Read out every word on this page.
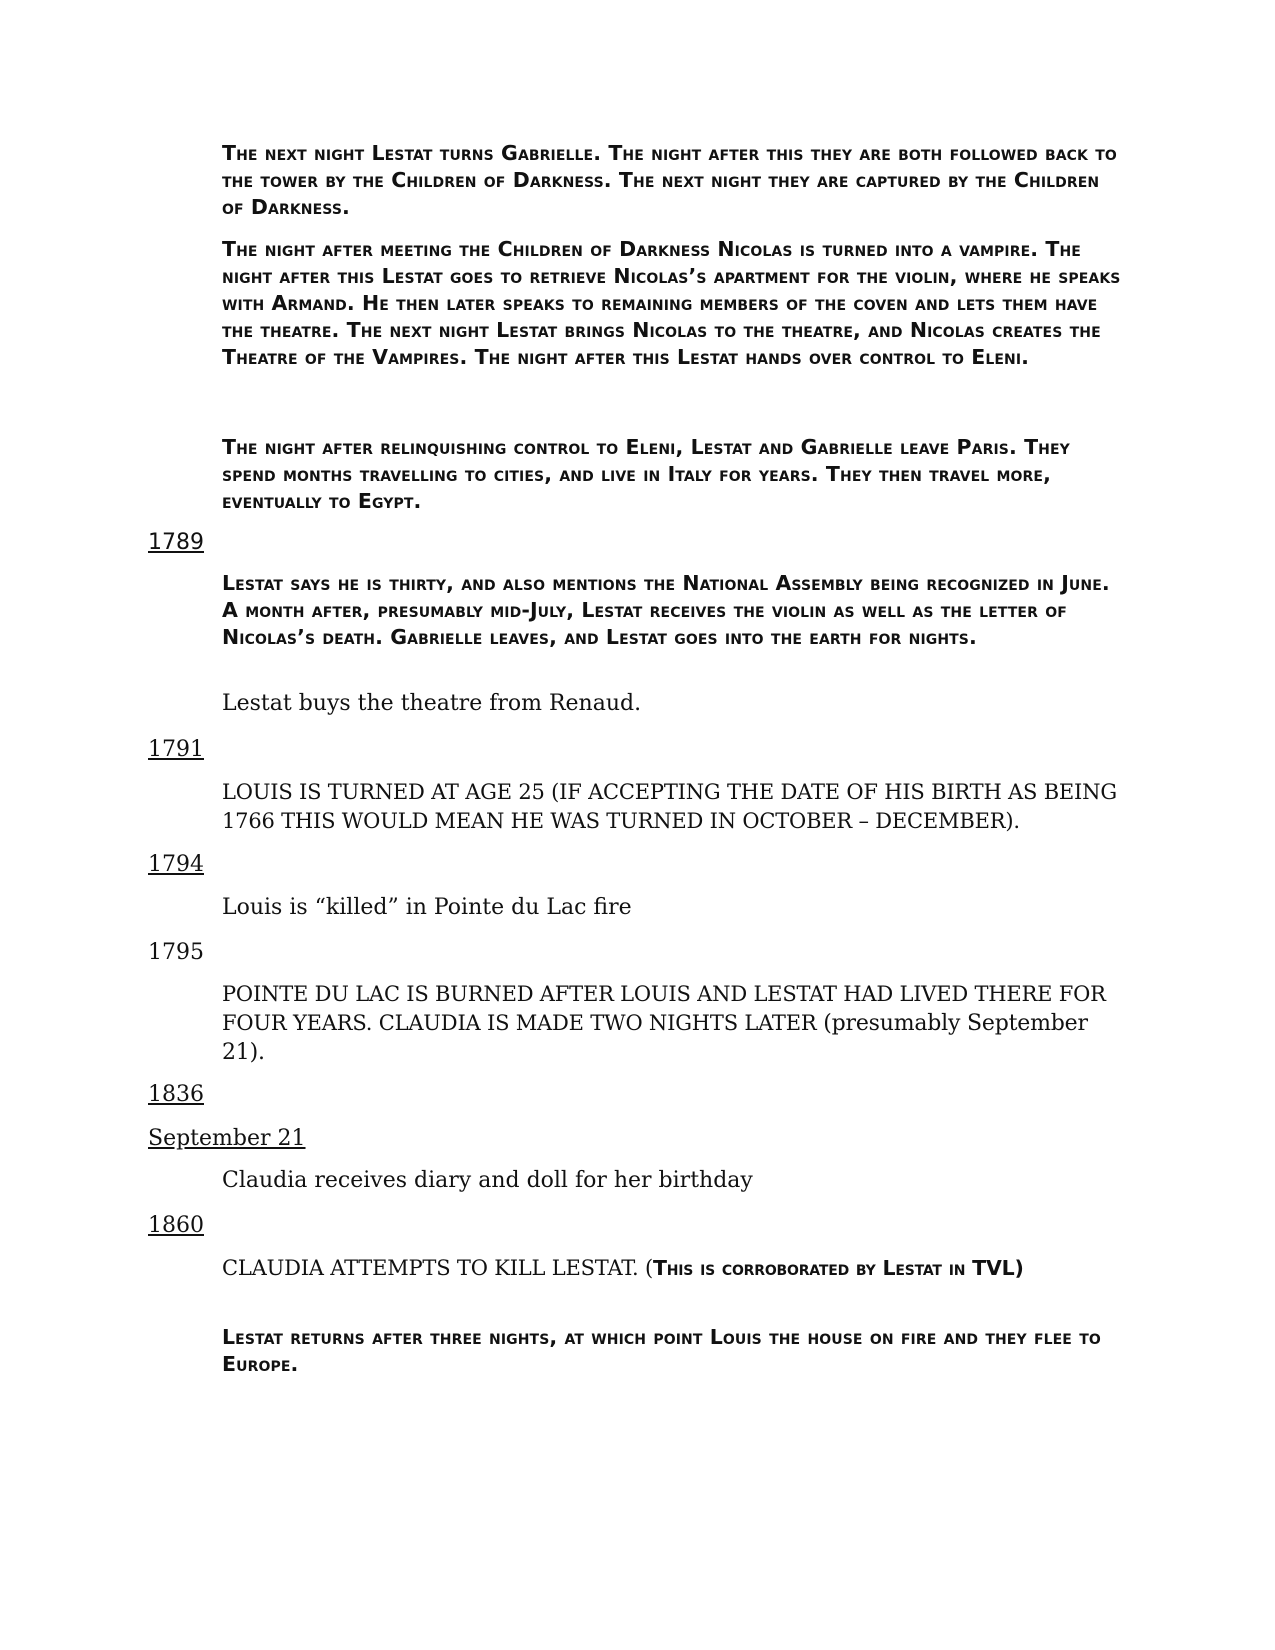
The next night Lestat turns Gabrielle. The night after this they are both followed back to the tower by the Children of Darkness. The next night they are captured by the Children of Darkness.

The night after meeting the Children of Darkness Nicolas is turned into a vampire. The night after this Lestat goes to retrieve Nicolas’s apartment for the violin, where he speaks with Armand. He then later speaks to remaining members of the coven and lets them have the theatre. The next night Lestat brings Nicolas to the theatre, and Nicolas creates the Theatre of the Vampires. The night after this Lestat hands over control to Eleni.

The night after relinquishing control to Eleni, Lestat and Gabrielle leave Paris. They spend months travelling to cities, and live in Italy for years. They then travel more, eventually to Egypt.

1789

Lestat says he is thirty, and also mentions the National Assembly being recognized in June. A month after, presumably mid-July, Lestat receives the violin as well as the letter of Nicolas’s death. Gabrielle leaves, and Lestat goes into the earth for nights.

Lestat buys the theatre from Renaud.

1791

LOUIS IS TURNED AT AGE 25 (IF ACCEPTING THE DATE OF HIS BIRTH AS BEING 1766 THIS WOULD MEAN HE WAS TURNED IN OCTOBER – DECEMBER).

1794

Louis is “killed” in Pointe du Lac fire

1795

POINTE DU LAC IS BURNED AFTER LOUIS AND LESTAT HAD LIVED THERE FOR FOUR YEARS. CLAUDIA IS MADE TWO NIGHTS LATER (presumably September 21).

1836
September 21

Claudia receives diary and doll for her birthday

1860

CLAUDIA ATTEMPTS TO KILL LESTAT. (This is corroborated by Lestat in TVL)

Lestat returns after three nights, at which point Louis the house on fire and they flee to Europe.
